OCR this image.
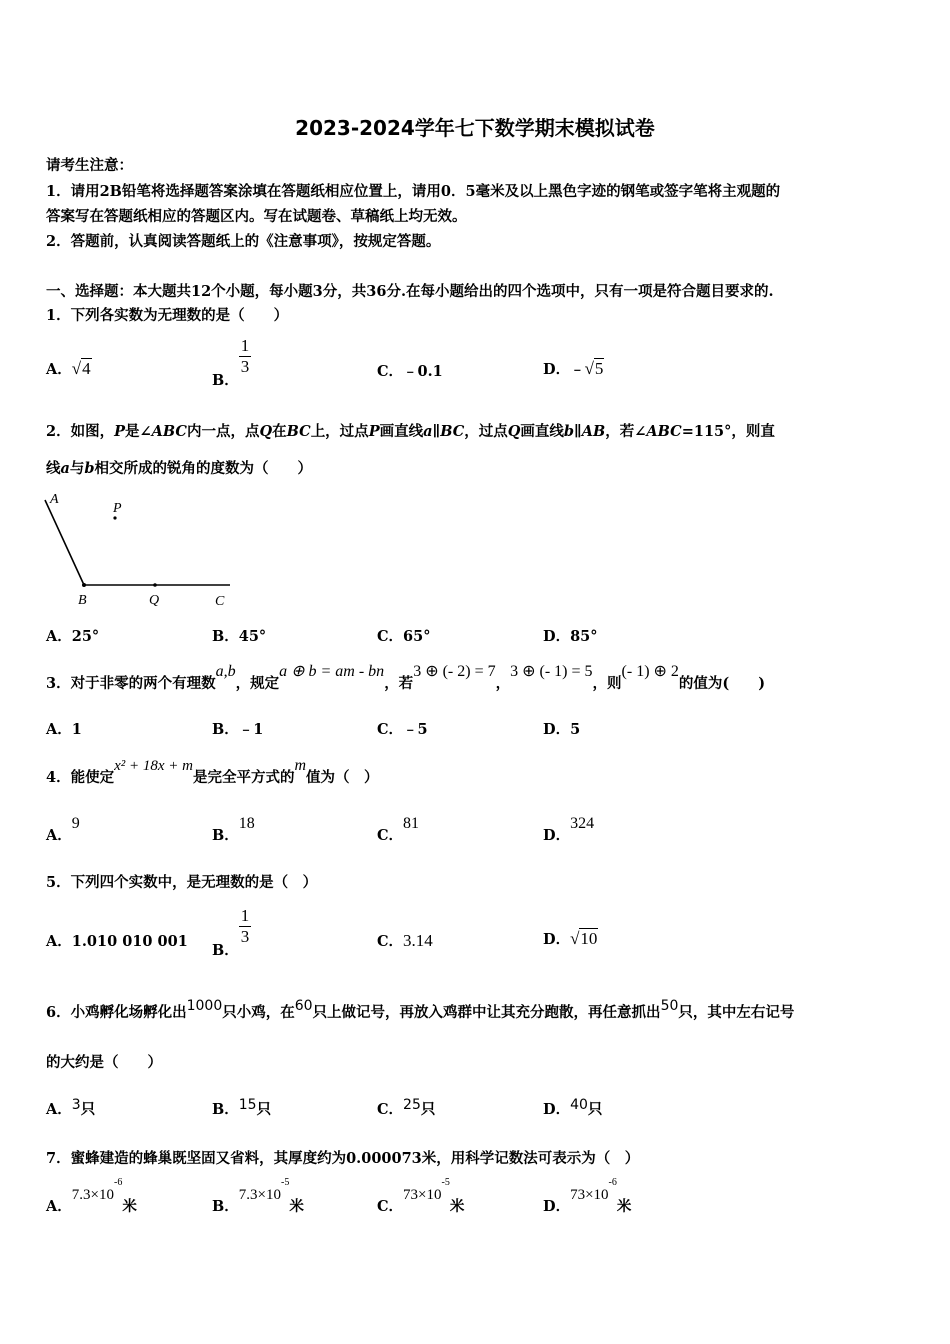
2023-2024学年七下数学期末模拟试卷
请考生注意：
1．请用2B铅笔将选择题答案涂填在答题纸相应位置上，请用0．5毫米及以上黑色字迹的钢笔或签字笔将主观题的
答案写在答题纸相应的答题区内。写在试题卷、草稿纸上均无效。
2．答题前，认真阅读答题纸上的《注意事项》，按规定答题。
一、选择题：本大题共12个小题，每小题3分，共36分.在每小题给出的四个选项中，只有一项是符合题目要求的.
1．下列各实数为无理数的是（　　）
A．√4
B．
$\frac{1}{3}$	C．﹣0.1	D．﹣√5
2．如图，P是∠ABC内一点，点Q在BC上，过点P画直线a∥BC，过点Q画直线b∥AB，若∠ABC=115°，则直
线a与b相交所成的锐角的度数为（　　）
A
P
B	Q	C
A．25°	B．45°	C．65°	D．85°
3．对于非零的两个有理数a,b，规定a ⊕ b = am - bn，若3 ⊕ (- 2) = 7，3 ⊕ (- 1) = 5，则(- 1) ⊕ 2的值为(　　)
A．1	B．﹣1	C．﹣5	D．5
4．能使定x² + 18x + m是完全平方式的m值为（　）
A．9
B．18
C．81
D．324
5．下列四个实数中，是无理数的是（　）
A．1.010 010 001 B．
$\frac{1}{3}$	C．3.14	D．√10
6．小鸡孵化场孵化出1000只小鸡，在60只上做记号，再放入鸡群中让其充分跑散，再任意抓出50只，其中左右记号
的大约是（　　）
A．3只	B．15只	C．25只	D．40只
7．蜜蜂建造的蜂巢既坚固又省料，其厚度约为0.000073米，用科学记数法可表示为（　）
A．$7.3\times 10^{-6}$米	B．$7.3\times 10^{-5}$米	C．$73\times 10^{-5}$米	D．$73\times 10^{-6}$米
